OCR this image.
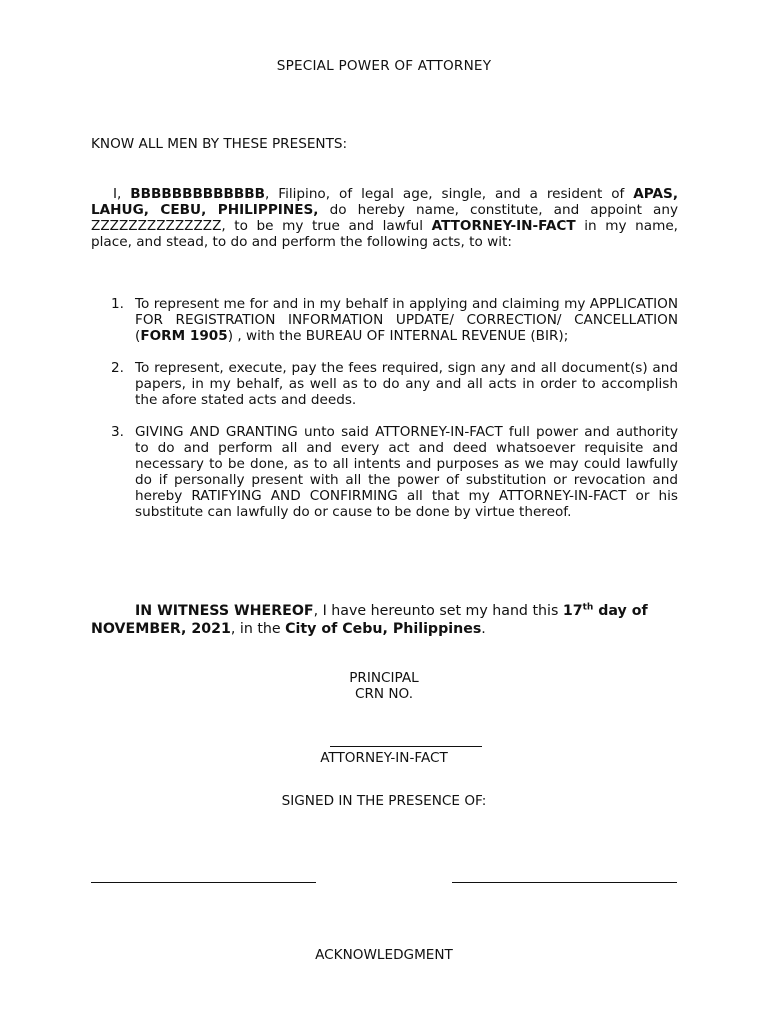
SPECIAL POWER OF ATTORNEY
KNOW ALL MEN BY THESE PRESENTS:
I, BBBBBBBBBBBBB, Filipino, of legal age, single, and a resident of APAS, LAHUG, CEBU, PHILIPPINES, do hereby name, constitute, and appoint any ZZZZZZZZZZZZZZ, to be my true and lawful ATTORNEY-IN-FACT in my name, place, and stead, to do and perform the following acts, to wit:
1. To represent me for and in my behalf in applying and claiming my APPLICATION FOR REGISTRATION INFORMATION UPDATE/ CORRECTION/ CANCELLATION (FORM 1905) , with the BUREAU OF INTERNAL REVENUE (BIR);
2. To represent, execute, pay the fees required, sign any and all document(s) and papers, in my behalf, as well as to do any and all acts in order to accomplish the afore stated acts and deeds.
3. GIVING AND GRANTING unto said ATTORNEY-IN-FACT full power and authority to do and perform all and every act and deed whatsoever requisite and necessary to be done, as to all intents and purposes as we may could lawfully do if personally present with all the power of substitution or revocation and hereby RATIFYING AND CONFIRMING all that my ATTORNEY-IN-FACT or his substitute can lawfully do or cause to be done by virtue thereof.
IN WITNESS WHEREOF, I have hereunto set my hand this 17th day of NOVEMBER, 2021, in the City of Cebu, Philippines.
PRINCIPAL
CRN NO.
ATTORNEY-IN-FACT
SIGNED IN THE PRESENCE OF:
ACKNOWLEDGMENT
